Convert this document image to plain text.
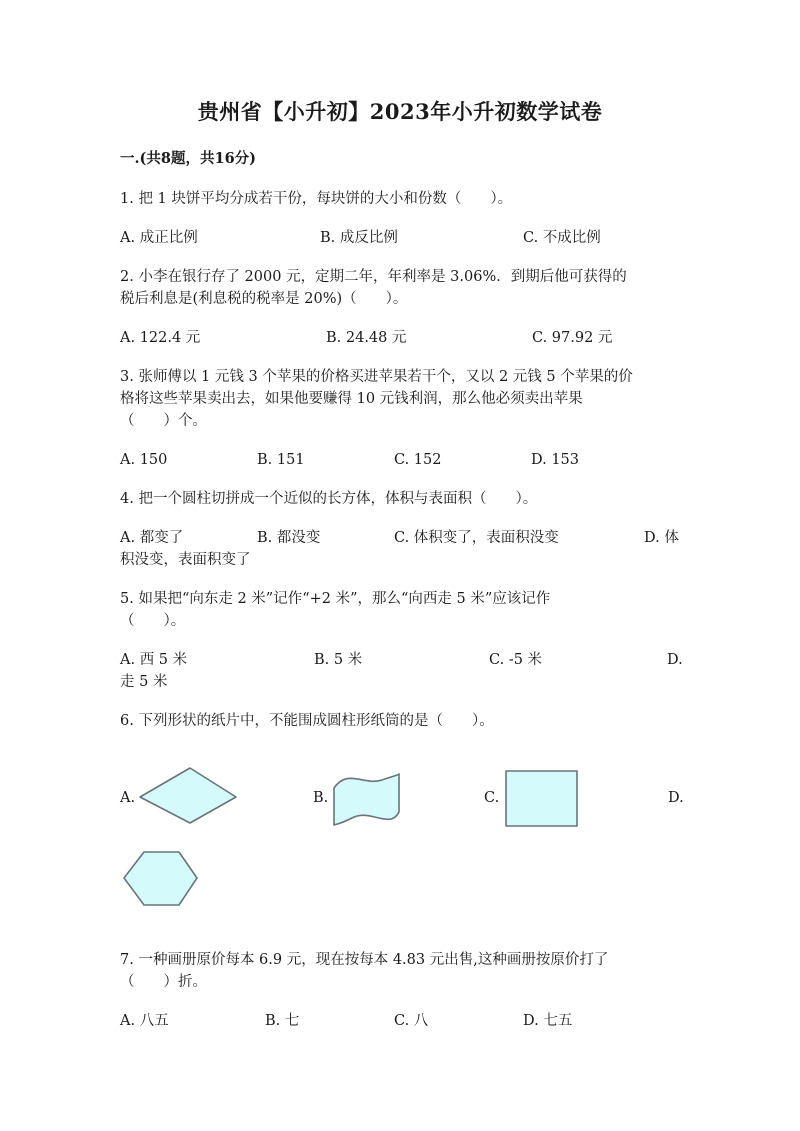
贵州省【小升初】2023年小升初数学试卷
一.(共8题，共16分)
1. 把 1 块饼平均分成若干份，每块饼的大小和份数（　　）。
A. 成正比例	B. 成反比例	C. 不成比例
2. 小李在银行存了 2000 元，定期二年，年利率是 3.06%．到期后他可获得的
税后利息是(利息税的税率是 20%)（　　）。
A. 122.4 元	B. 24.48 元	C. 97.92 元
3. 张师傅以 1 元钱 3 个苹果的价格买进苹果若干个，又以 2 元钱 5 个苹果的价
格将这些苹果卖出去，如果他要赚得 10 元钱利润，那么他必须卖出苹果
（　　）个。
A. 150	B. 151	C. 152	D. 153
4. 把一个圆柱切拼成一个近似的长方体，体积与表面积（　　）。
A. 都变了	B. 都没变	C. 体积变了，表面积没变	D. 体
积没变，表面积变了
5. 如果把“向东走 2 米”记作“+2 米”，那么“向西走 5 米”应该记作
（　　）。
A. 西 5 米	B. 5 米	C. -5 米	D.
走 5 米
6. 下列形状的纸片中，不能围成圆柱形纸筒的是（　　）。
A.	B.	C.	D.
7. 一种画册原价每本 6.9 元，现在按每本 4.83 元出售,这种画册按原价打了
（　　）折。
A. 八五	B. 七	C. 八	D. 七五
